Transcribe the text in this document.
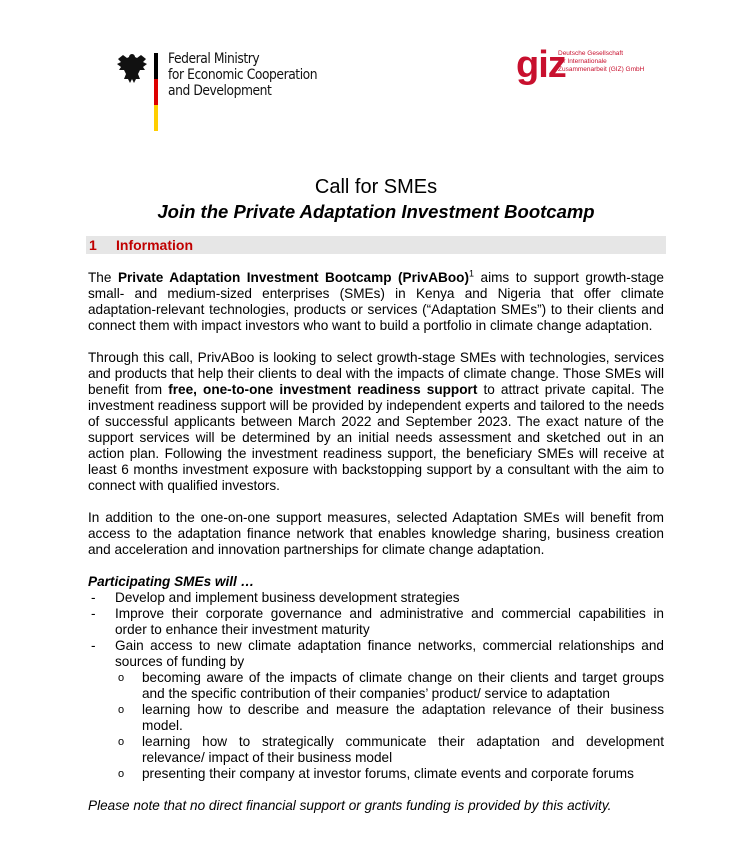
Federal Ministry
for Economic Cooperation
and Development
giz
Deutsche Gesellschaft
für Internationale
Zusammenarbeit (GIZ) GmbH
Call for SMEs
Join the Private Adaptation Investment Bootcamp
1 Information

The Private Adaptation Investment Bootcamp (PrivABoo)$^1$ aims to support growth-stage small- and medium-sized enterprises (SMEs) in Kenya and Nigeria that offer climate adaptation-relevant technologies, products or services (“Adaptation SMEs”) to their clients and connect them with impact investors who want to build a portfolio in climate change adaptation.

Through this call, PrivABoo is looking to select growth-stage SMEs with technologies, services and products that help their clients to deal with the impacts of climate change. Those SMEs will benefit from free, one-to-one investment readiness support to attract private capital. The investment readiness support will be provided by independent experts and tailored to the needs of successful applicants between March 2022 and September 2023. The exact nature of the support services will be determined by an initial needs assessment and sketched out in an action plan. Following the investment readiness support, the beneficiary SMEs will receive at least 6 months investment exposure with backstopping support by a consultant with the aim to connect with qualified investors.

In addition to the one-on-one support measures, selected Adaptation SMEs will benefit from access to the adaptation finance network that enables knowledge sharing, business creation and acceleration and innovation partnerships for climate change adaptation.

Participating SMEs will …
- Develop and implement business development strategies
- Improve their corporate governance and administrative and commercial capabilities in order to enhance their investment maturity
- Gain access to new climate adaptation finance networks, commercial relationships and sources of funding by
o becoming aware of the impacts of climate change on their clients and target groups and the specific contribution of their companies’ product/ service to adaptation
o learning how to describe and measure the adaptation relevance of their business model.
o learning how to strategically communicate their adaptation and development relevance/ impact of their business model
o presenting their company at investor forums, climate events and corporate forums
Please note that no direct financial support or grants funding is provided by this activity.
